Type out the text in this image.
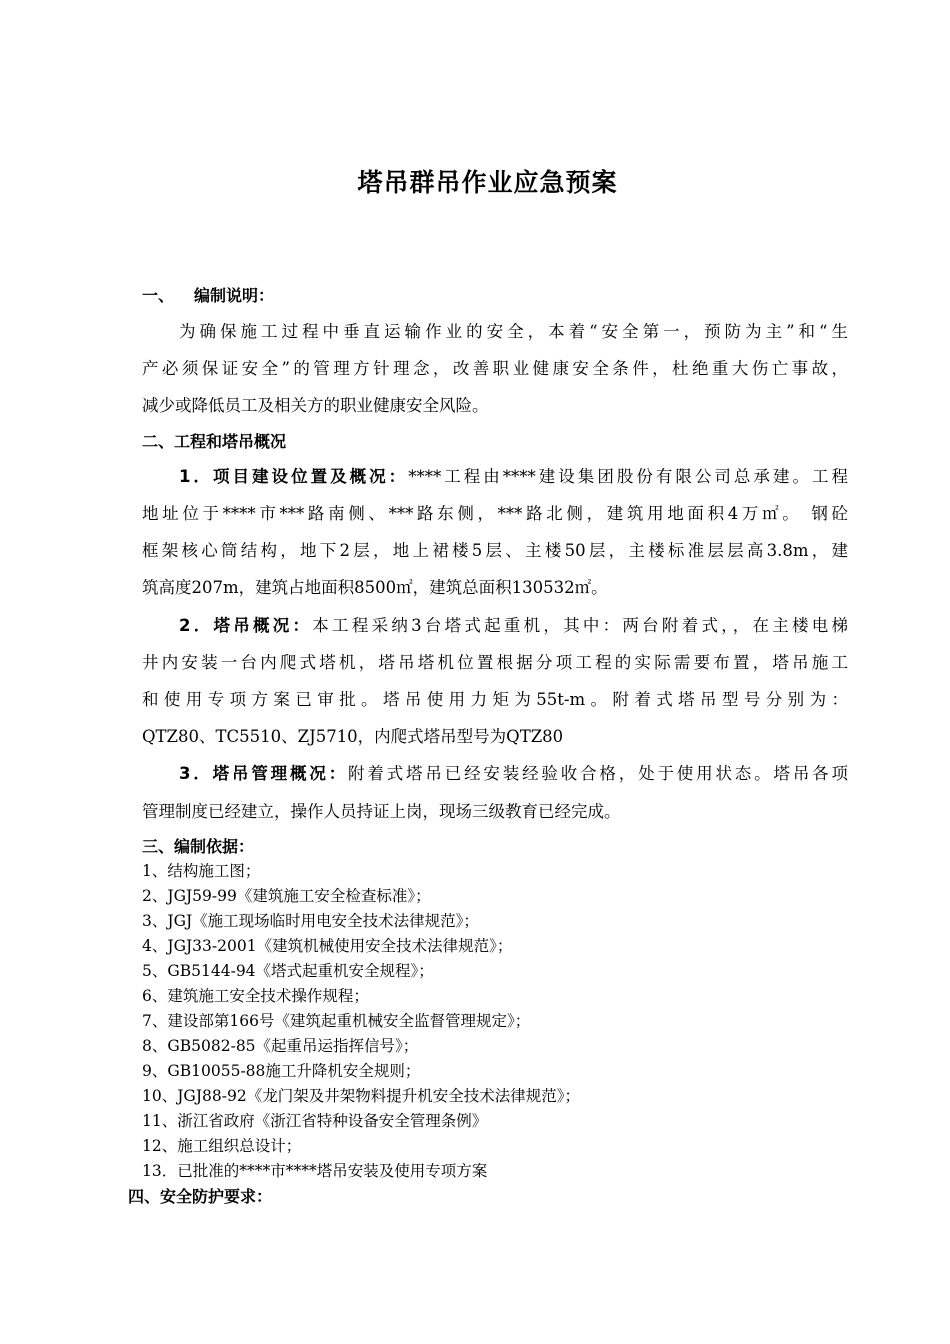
塔吊群吊作业应急预案
一、 编制说明：
为确保施工过程中垂直运输作业的安全，本着“安全第一，预防为主”和“生
产必须保证安全”的管理方针理念，改善职业健康安全条件，杜绝重大伤亡事故，
减少或降低员工及相关方的职业健康安全风险。
二、工程和塔吊概况
1．项目建设位置及概况：****工程由****建设集团股份有限公司总承建。工程
地址位于****市***路南侧、***路东侧，***路北侧，建筑用地面积4万㎡。 钢砼
框架核心筒结构，地下2层，地上裙楼5层、主楼50层，主楼标准层层高3.8m，建
筑高度207m，建筑占地面积8500㎡，建筑总面积130532㎡。
2．塔吊概况：本工程采纳3台塔式起重机，其中：两台附着式，，在主楼电梯
井内安装一台内爬式塔机，塔吊塔机位置根据分项工程的实际需要布置，塔吊施工
和使用专项方案已审批。塔吊使用力矩为55t-m。附着式塔吊型号分别为：
QTZ80、TC5510、ZJ5710，内爬式塔吊型号为QTZ80
3．塔吊管理概况：附着式塔吊已经安装经验收合格，处于使用状态。塔吊各项
管理制度已经建立，操作人员持证上岗，现场三级教育已经完成。
三、编制依据：
1、结构施工图；
2、JGJ59-99《建筑施工安全检查标准》；
3、JGJ《施工现场临时用电安全技术法律规范》；
4、JGJ33-2001《建筑机械使用安全技术法律规范》；
5、GB5144-94《塔式起重机安全规程》；
6、建筑施工安全技术操作规程；
7、建设部第166号《建筑起重机械安全监督管理规定》；
8、GB5082-85《起重吊运指挥信号》；
9、GB10055-88施工升降机安全规则；
10、JGJ88-92《龙门架及井架物料提升机安全技术法律规范》；
11、浙江省政府《浙江省特种设备安全管理条例》
12、施工组织总设计；
13．已批准的****市****塔吊安装及使用专项方案
四、安全防护要求：
